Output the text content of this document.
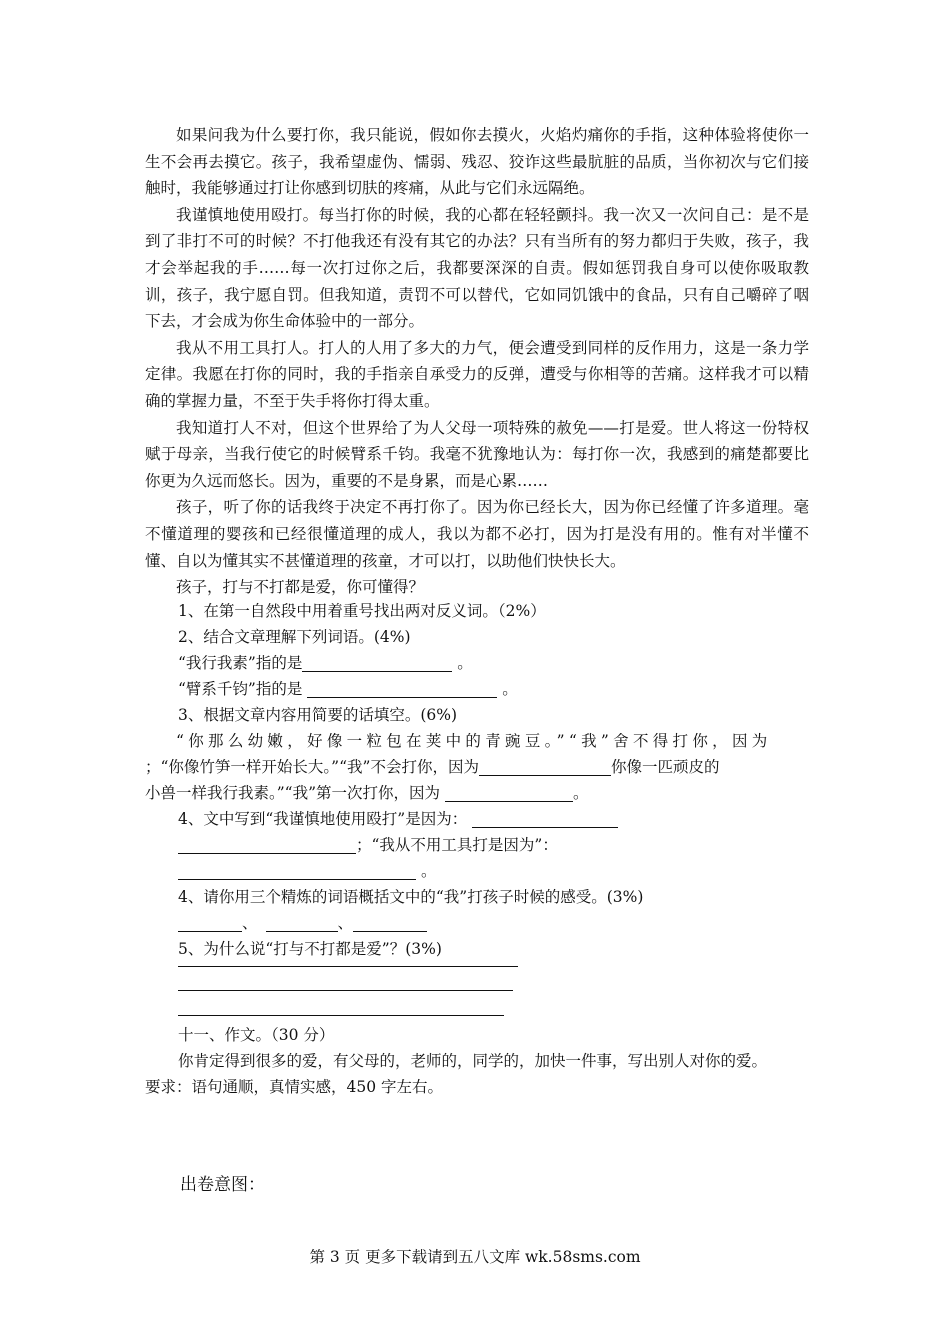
如果问我为什么要打你，我只能说，假如你去摸火，火焰灼痛你的手指，这种体验将使你一生不会再去摸它。孩子，我希望虚伪、懦弱、残忍、狡诈这些最肮脏的品质，当你初次与它们接触时，我能够通过打让你感到切肤的疼痛，从此与它们永远隔绝。

我谨慎地使用殴打。每当打你的时候，我的心都在轻轻颤抖。我一次又一次问自己：是不是到了非打不可的时候？不打他我还有没有其它的办法？只有当所有的努力都归于失败，孩子，我才会举起我的手……每一次打过你之后，我都要深深的自责。假如惩罚我自身可以使你吸取教训，孩子，我宁愿自罚。但我知道，责罚不可以替代，它如同饥饿中的食品，只有自己嚼碎了咽下去，才会成为你生命体验中的一部分。

我从不用工具打人。打人的人用了多大的力气，便会遭受到同样的反作用力，这是一条力学定律。我愿在打你的同时，我的手指亲自承受力的反弹，遭受与你相等的苦痛。这样我才可以精确的掌握力量，不至于失手将你打得太重。

我知道打人不对，但这个世界给了为人父母一项特殊的赦免——打是爱。世人将这一份特权赋于母亲，当我行使它的时候臂系千钧。我毫不犹豫地认为：每打你一次，我感到的痛楚都要比你更为久远而悠长。因为，重要的不是身累，而是心累……

孩子，听了你的话我终于决定不再打你了。因为你已经长大，因为你已经懂了许多道理。毫不懂道理的婴孩和已经很懂道理的成人，我以为都不必打，因为打是没有用的。惟有对半懂不懂、自以为懂其实不甚懂道理的孩童，才可以打，以助他们快快长大。

孩子，打与不打都是爱，你可懂得？

1、在第一自然段中用着重号找出两对反义词。（2%）
2、结合文章理解下列词语。(4%)
“我行我素”指的是	。
“臂系千钧”指的是	。
3、根据文章内容用简要的话填空。(6%)
“你那么幼嫩，好像一粒包在荚中的青豌豆。”“我”舍不得打你，因为
；“你像竹笋一样开始长大。”“我”不会打你，因为	你像一匹顽皮的
小兽一样我行我素。”“我”第一次打你，因为	。
4、文中写到“我谨慎地使用殴打”是因为：
；“我从不用工具打是因为”：
。
4、请你用三个精炼的词语概括文中的“我”打孩子时候的感受。(3%)
、	、
5、为什么说“打与不打都是爱”？(3%)
十一、作文。（30 分）
你肯定得到很多的爱，有父母的，老师的，同学的，加快一件事，写出别人对你的爱。
要求：语句通顺，真情实感，450 字左右。
出卷意图：
第 3 页 更多下载请到五八文库 wk.58sms.com
